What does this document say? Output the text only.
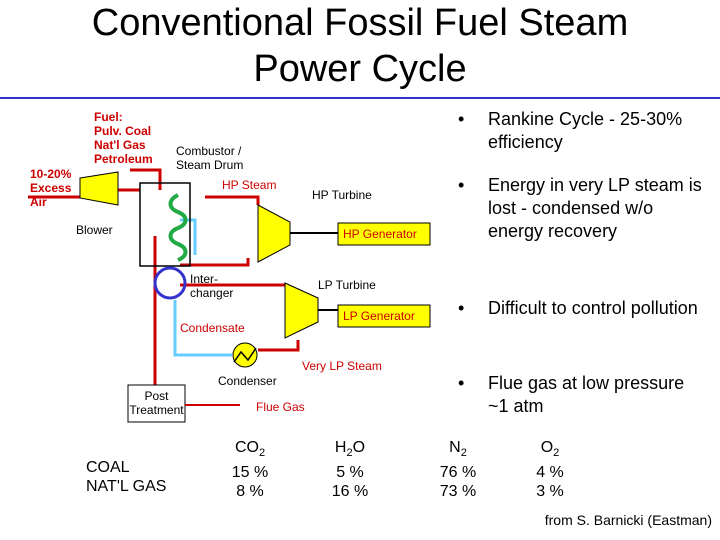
Conventional Fossil Fuel Steam
Power Cycle
Fuel:
Pulv. Coal
Nat'l Gas
Petroleum
10-20%
Excess
Air
Combustor /
Steam Drum
HP Steam
HP Turbine
HP Generator
Blower
Inter-
changer
LP Turbine
LP Generator
Condensate
Very LP Steam
Condenser
Post
Treatment	Flue Gas
• Rankine Cycle - 25-30% efficiency
• Energy in very LP steam is lost - condensed w/o energy recovery
• Difficult to control pollution
• Flue gas at low pressure ~1 atm
COAL
NAT'L GAS
$CO_2$
15 %
8 %
$H_2O$
5 %
16 %
$N_2$
76 %
73 %
$O_2$
4 %
3 %
from S. Barnicki (Eastman)
